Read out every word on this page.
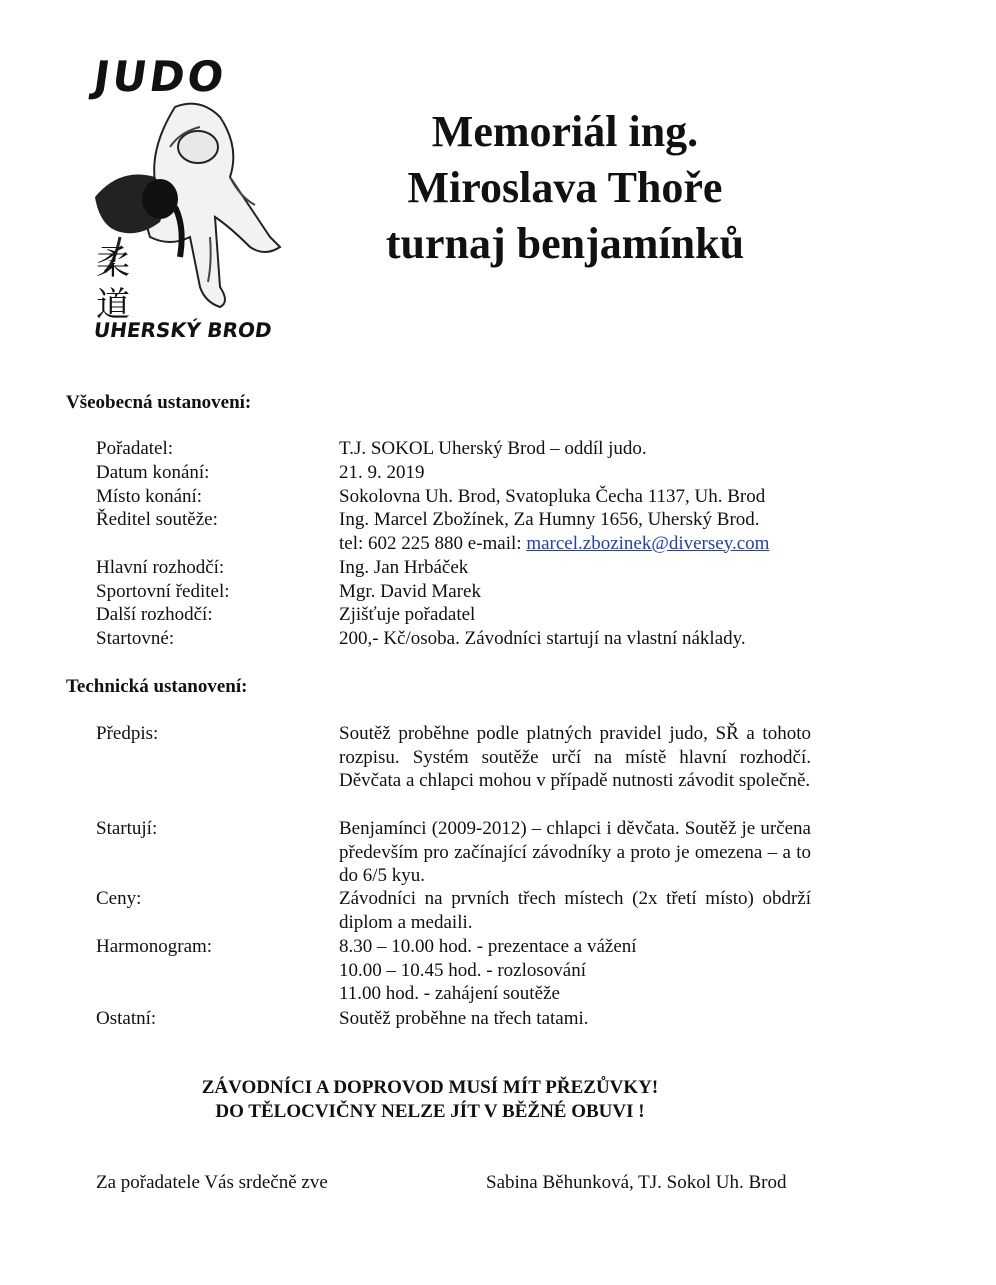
JUDO
柔
道
UHERSKÝ BROD
Memoriál ing.
Miroslava Thoře
turnaj benjamínků
Všeobecná ustanovení:
Pořadatel:	T.J. SOKOL Uherský Brod – oddíl judo.
Datum konání:	21. 9. 2019
Místo konání:	Sokolovna Uh. Brod, Svatopluka Čecha 1137, Uh. Brod
Ředitel soutěže:	Ing. Marcel Zbožínek, Za Humny 1656, Uherský Brod.
tel: 602 225 880 e-mail: marcel.zbozinek@diversey.com
Hlavní rozhodčí:	Ing. Jan Hrbáček
Sportovní ředitel:	Mgr. David Marek
Další rozhodčí:	Zjišťuje pořadatel
Startovné:	200,- Kč/osoba. Závodníci startují na vlastní náklady.
Technická ustanovení:
Předpis:	Soutěž proběhne podle platných pravidel judo, SŘ a tohoto rozpisu. Systém soutěže určí na místě hlavní rozhodčí. Děvčata a chlapci mohou v případě nutnosti závodit společně.
Startují:	Benjamínci (2009-2012) – chlapci i děvčata. Soutěž je určena především pro začínající závodníky a proto je omezena – a to do 6/5 kyu.
Ceny:	Závodníci na prvních třech místech (2x třetí místo) obdrží diplom a medaili.
Harmonogram:	8.30 – 10.00 hod. - prezentace a vážení
10.00 – 10.45 hod. - rozlosování
11.00 hod. - zahájení soutěže
Ostatní:	Soutěž proběhne na třech tatami.
ZÁVODNÍCI A DOPROVOD MUSÍ MÍT PŘEZŮVKY!
DO TĚLOCVIČNY NELZE JÍT V BĚŽNÉ OBUVI !
Za pořadatele Vás srdečně zve	Sabina Běhunková, TJ. Sokol Uh. Brod
